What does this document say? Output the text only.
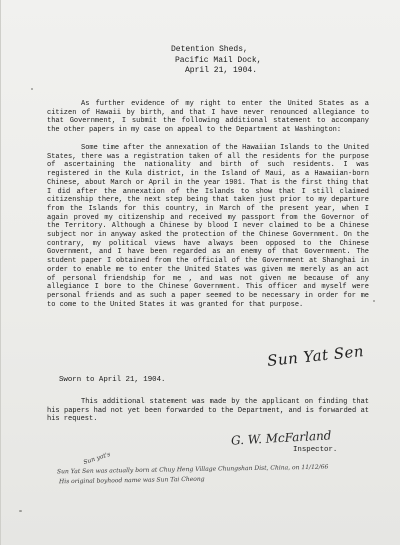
Detention Sheds,
Pacific Mail Dock,
April 21, 1904.

As further evidence of my right to enter the United States as a citizen of Hawaii by birth, and that I have never renounced allegiance to that Government, I submit the following additional statement to accompany the other papers in my case on appeal to the Department at Washington:

Some time after the annexation of the Hawaiian Islands to the United States, there was a registration taken of all the residents for the purpose of ascertaining the nationality and birth of such residents. I was registered in the Kula district, in the Island of Maui, as a Hawaiian-born Chinese, about March or April in the year 1901. That is the first thing that I did after the annexation of the Islands to show that I still claimed citizenship there, the next step being that taken just prior to my departure from the Islands for this country, in March of the present year, when I again proved my citizenship and received my passport from the Governor of the Territory. Although a Chinese by blood I never claimed to be a Chinese subject nor in anyway asked the protection of the Chinese Government. On the contrary, my political views have always been opposed to the Chinese Government, and I have been regarded as an enemy of that Government. The student paper I obtained from the official of the Government at Shanghai in order to enable me to enter the United States was given me merely as an act of personal friendship for me , and was not given me because of any allegiance I bore to the Chinese Government. This officer and myself were personal friends and as such a paper seemed to be necessary in order for me to come to the United States it was granted for that purpose.

Sun Yat Sen
Sworn to April 21, 1904.

This additional statement was made by the applicant on finding that his papers had not yet been forwarded to the Department, and is forwarded at his request.

G. W. McFarland
Inspector.
Sun yat's
Sun Yat Sen was actually born at Chuy Heng Village Chungshan Dist, China, on 11/12/66
His original boyhood name was Sun Tai Cheong
